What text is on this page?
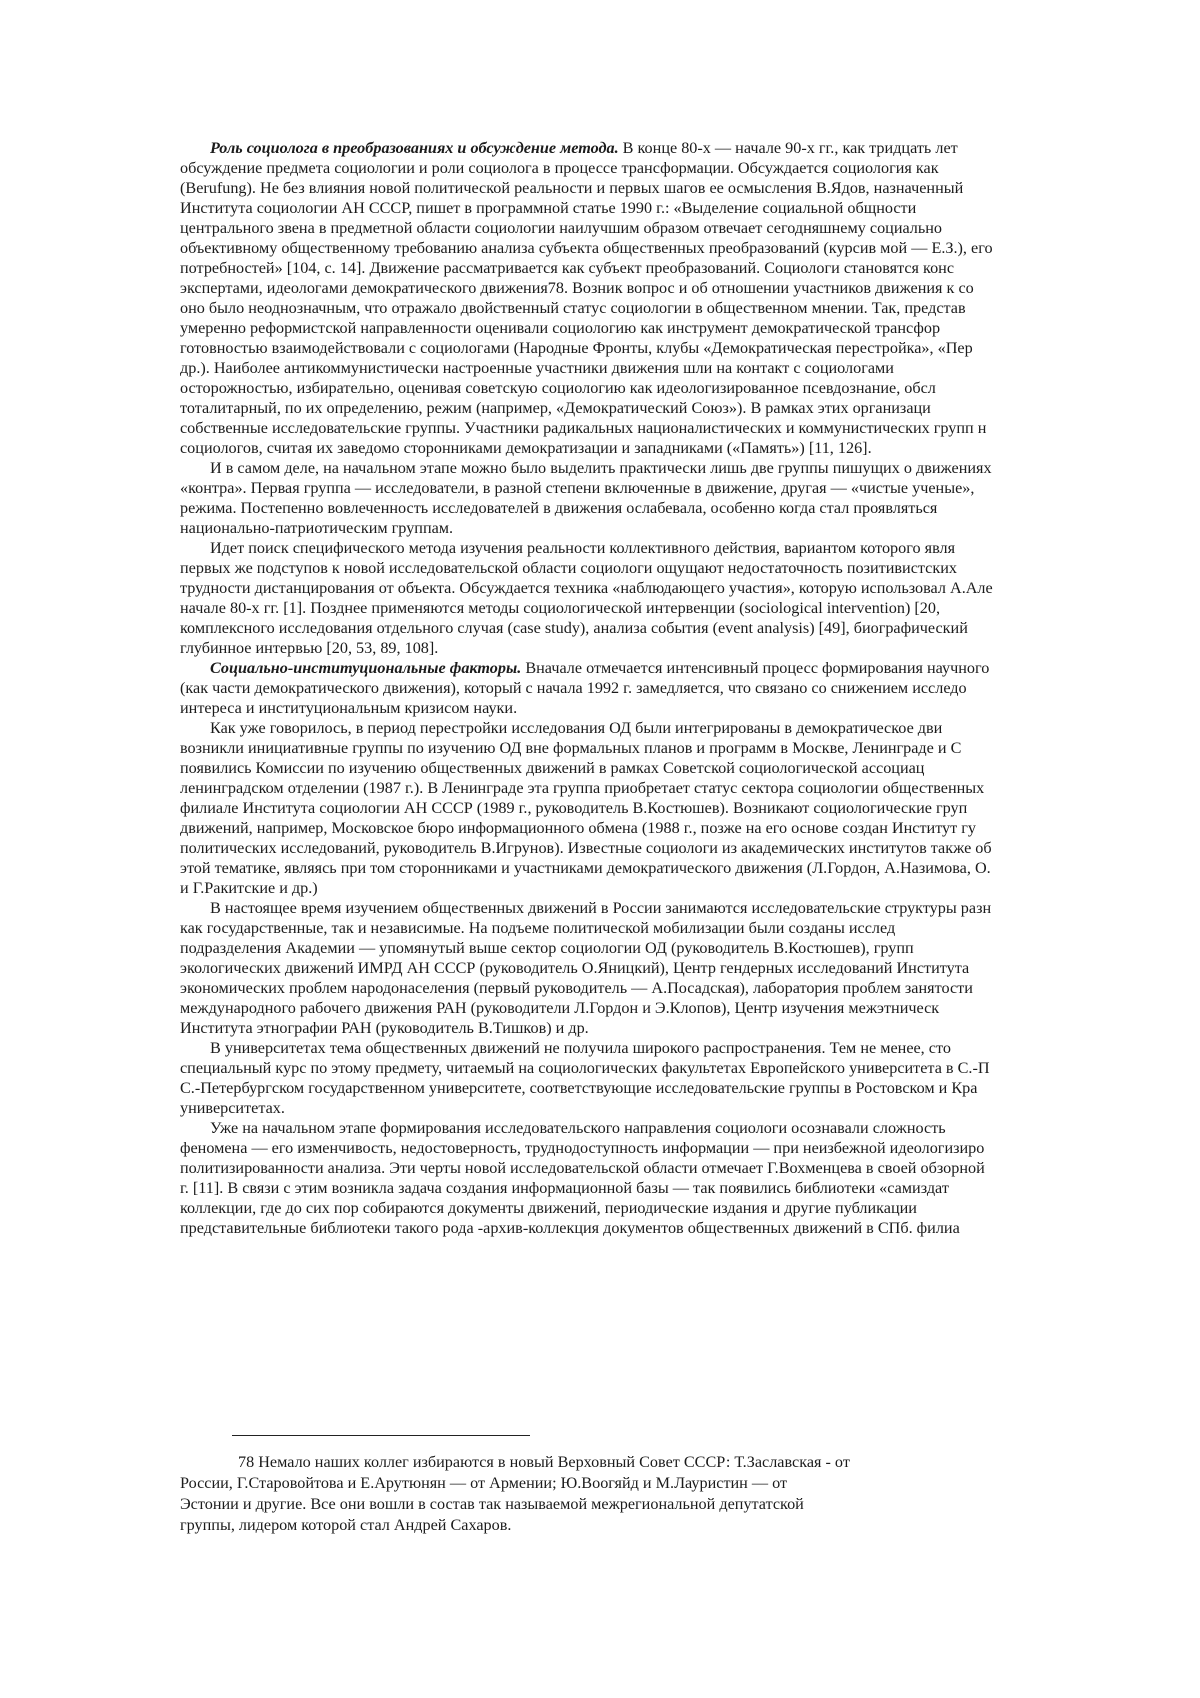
Роль социолога в преобразованиях и обсуждение метода. В конце 80-х — начале 90-х гг., как тридцать лет

обсуждение предмета социологии и роли социолога в процессе трансформации. Обсуждается социология как
(Berufung). Не без влияния новой политической реальности и первых шагов ее осмысления В.Ядов, назначенный
Института социологии АН СССР, пишет в программной статье 1990 г.: «Выделение социальной общности
центрального звена в предметной области социологии наилучшим образом отвечает сегодняшнему социально
объективному общественному требованию анализа субъекта общественных преобразований (курсив мой — Е.З.), его
потребностей» [104, с. 14]. Движение рассматривается как субъект преобразований. Социологи становятся конс
экспертами, идеологами демократического движения78. Возник вопрос и об отношении участников движения к со
оно было неоднозначным, что отражало двойственный статус социологии в общественном мнении. Так, представ
умеренно реформистской направленности оценивали социологию как инструмент демократической трансфор
готовностью взаимодействовали с социологами (Народные Фронты, клубы «Демократическая перестройка», «Пер
др.). Наиболее антикоммунистически настроенные участники движения шли на контакт с социологами
осторожностью, избирательно, оценивая советскую социологию как идеологизированное псевдознание, обсл
тоталитарный, по их определению, режим (например, «Демократический Союз»). В рамках этих организаци
собственные исследовательские группы. Участники радикальных националистических и коммунистических групп н
социологов, считая их заведомо сторонниками демократизации и западниками («Память») [11, 126].

И в самом деле, на начальном этапе можно было выделить практически лишь две группы пишущих о движениях
«контра». Первая группа — исследователи, в разной степени включенные в движение, другая — «чистые ученые»,
режима. Постепенно вовлеченность исследователей в движения ослабевала, особенно когда стал проявляться
национально-патриотическим группам.

Идет поиск специфического метода изучения реальности коллективного действия, вариантом которого явля
первых же подступов к новой исследовательской области социологи ощущают недостаточность позитивистских
трудности дистанцирования от объекта. Обсуждается техника «наблюдающего участия», которую использовал А.Але
начале 80-х гг. [1]. Позднее применяются методы социологической интервенции (sociological intervention) [20,
комплексного исследования отдельного случая (case study), анализа события (event analysis) [49], биографический
глубинное интервью [20, 53, 89, 108].

Социально-институциональные факторы. Вначале отмечается интенсивный процесс формирования научного

(как части демократического движения), который с начала 1992 г. замедляется, что связано со снижением исследо
интереса и институциональным кризисом науки.

Как уже говорилось, в период перестройки исследования ОД были интегрированы в демократическое дви
возникли инициативные группы по изучению ОД вне формальных планов и программ в Москве, Ленинграде и С
появились Комиссии по изучению общественных движений в рамках Советской социологической ассоциац
ленинградском отделении (1987 г.). В Ленинграде эта группа приобретает статус сектора социологии общественных
филиале Института социологии АН СССР (1989 г., руководитель В.Костюшев). Возникают социологические груп
движений, например, Московское бюро информационного обмена (1988 г., позже на его основе создан Институт гу
политических исследований, руководитель В.Игрунов). Известные социологи из академических институтов также об
этой тематике, являясь при том сторонниками и участниками демократического движения (Л.Гордон, А.Назимова, О.
и Г.Ракитские и др.)

В настоящее время изучением общественных движений в России занимаются исследовательские структуры разн
как государственные, так и независимые. На подъеме политической мобилизации были созданы исслед
подразделения Академии — упомянутый выше сектор социологии ОД (руководитель В.Костюшев), групп
экологических движений ИМРД АН СССР (руководитель О.Яницкий), Центр гендерных исследований Института
экономических проблем народонаселения (первый руководитель — А.Посадская), лаборатория проблем занятости
международного рабочего движения РАН (руководители Л.Гордон и Э.Клопов), Центр изучения межэтническ
Института этнографии РАН (руководитель В.Тишков) и др.

В университетах тема общественных движений не получила широкого распространения. Тем не менее, сто
специальный курс по этому предмету, читаемый на социологических факультетах Европейского университета в С.-П
С.-Петербургском государственном университете, соответствующие исследовательские группы в Ростовском и Кра
университетах.

Уже на начальном этапе формирования исследовательского направления социологи осознавали сложность
феномена — его изменчивость, недостоверность, труднодоступность информации — при неизбежной идеологизиро
политизированности анализа. Эти черты новой исследовательской области отмечает Г.Вохменцева в своей обзорной
г. [11]. В связи с этим возникла задача создания информационной базы — так появились библиотеки «самиздат
коллекции, где до сих пор собираются документы движений, периодические издания и другие публикации
представительные библиотеки такого рода -архив-коллекция документов общественных движений в СПб. филиа

78 Немало наших коллег избираются в новый Верховный Совет СССР: Т.Заславская - от
России, Г.Старовойтова и Е.Арутюнян — от Армении; Ю.Воогяйд и М.Лауристин — от
Эстонии и другие. Все они вошли в состав так называемой межрегиональной депутатской
группы, лидером которой стал Андрей Сахаров.
